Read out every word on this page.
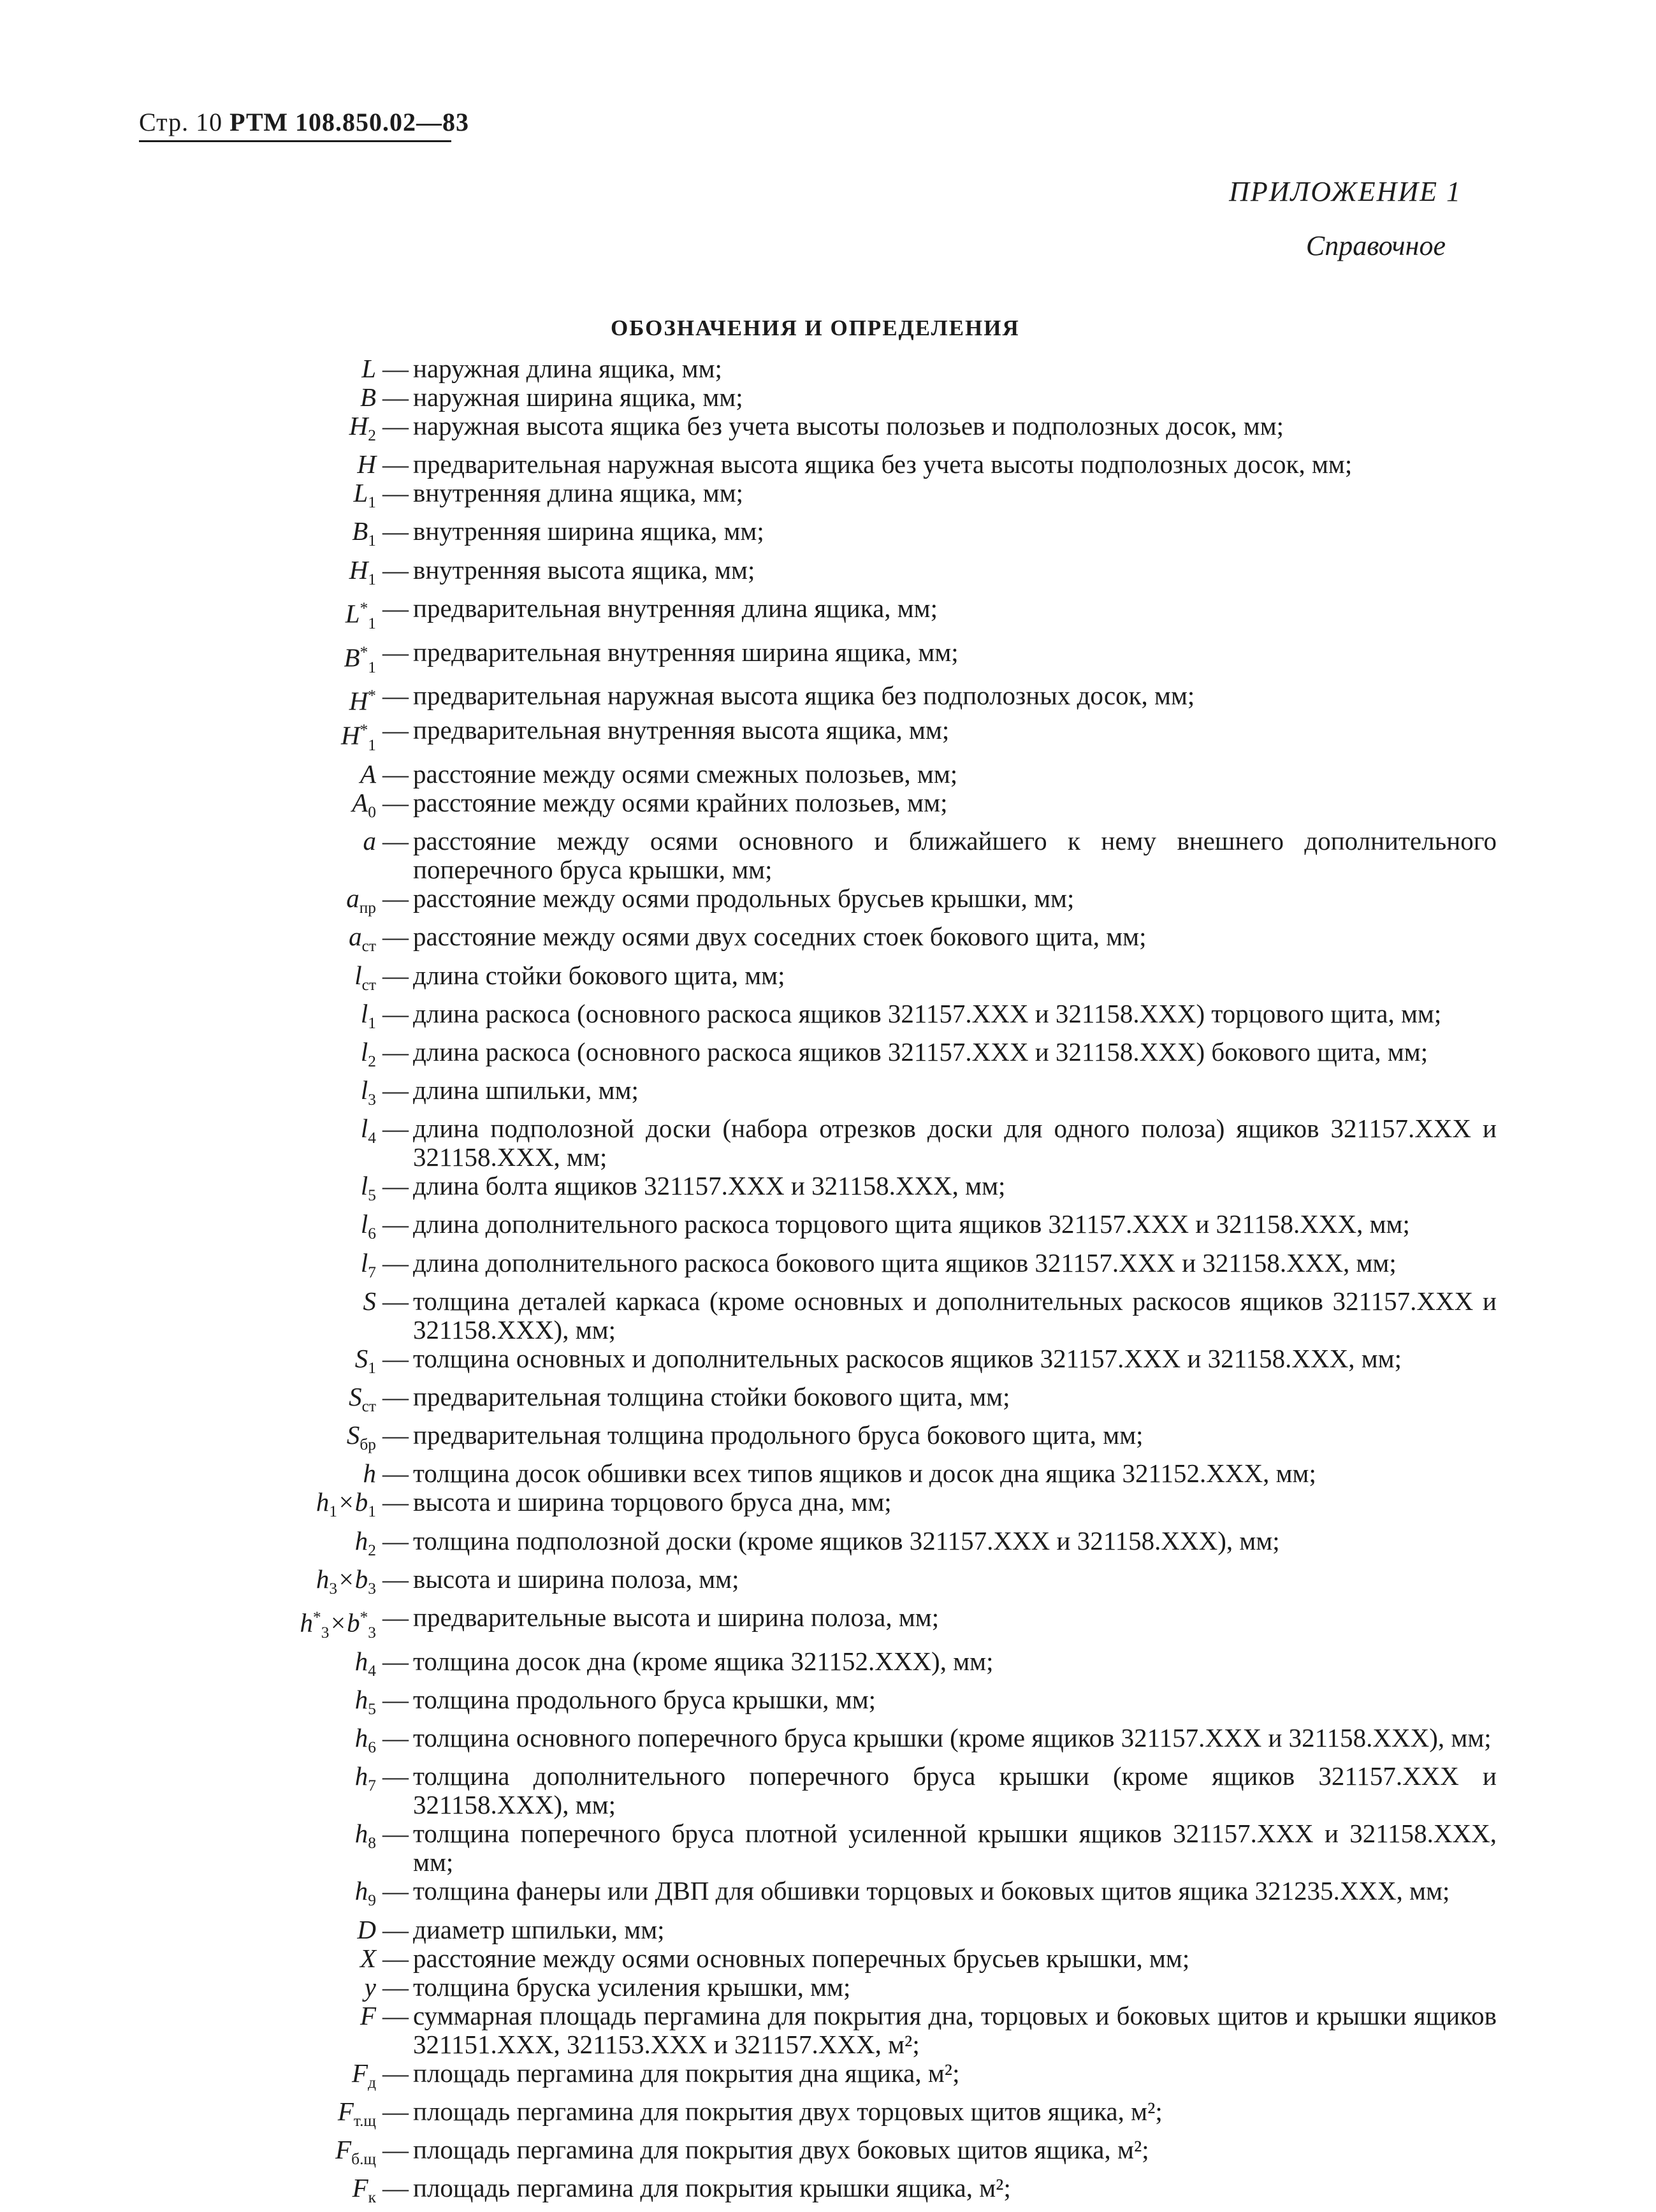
Стр. 10 РТМ 108.850.02—83
ПРИЛОЖЕНИЕ 1
Справочное
ОБОЗНАЧЕНИЯ И ОПРЕДЕЛЕНИЯ
L — наружная длина ящика, мм;
B — наружная ширина ящика, мм;
$H_2$ — наружная высота ящика без учета высоты полозьев и подполозных досок, мм;
H — предварительная наружная высота ящика без учета высоты подполозных досок, мм;
$L_1$ — внутренняя длина ящика, мм;
$B_1$ — внутренняя ширина ящика, мм;
$H_1$ — внутренняя высота ящика, мм;
$L^*_1$
— предварительная внутренняя длина ящика, мм;
$B^*_1$
— предварительная внутренняя ширина ящика, мм;
H* — предварительная наружная высота ящика без подполозных досок, мм;
$H^*_1$
— предварительная внутренняя высота ящика, мм;
A — расстояние между осями смежных полозьев, мм;
$A_0$ — расстояние между осями крайних полозьев, мм;
a — расстояние между осями основного и ближайшего к нему внешнего дополнительного поперечного бруса крышки, мм;
$a_{пр}$ — расстояние между осями продольных брусьев крышки, мм;
$a_{ст}$ — расстояние между осями двух соседних стоек бокового щита, мм;
$l_{ст}$ — длина стойки бокового щита, мм;
$l_1$ — длина раскоса (основного раскоса ящиков 321157.ХХХ и 321158.ХХХ) торцового щита, мм;
$l_2$ — длина раскоса (основного раскоса ящиков 321157.ХХХ и 321158.ХХХ) бокового щита, мм;
$l_3$ — длина шпильки, мм;
$l_4$ — длина подполозной доски (набора отрезков доски для одного полоза) ящиков 321157.ХХХ и 321158.ХХХ, мм;
$l_5$ — длина болта ящиков 321157.ХХХ и 321158.ХХХ, мм;
$l_6$ — длина дополнительного раскоса торцового щита ящиков 321157.ХХХ и 321158.ХХХ, мм;
$l_7$ — длина дополнительного раскоса бокового щита ящиков 321157.ХХХ и 321158.ХХХ, мм;
S — толщина деталей каркаса (кроме основных и дополнительных раскосов ящиков 321157.ХХХ и 321158.ХХХ), мм;
$S_1$ — толщина основных и дополнительных раскосов ящиков 321157.ХХХ и 321158.ХХХ, мм;
$S_{ст}$ — предварительная толщина стойки бокового щита, мм;
$S_{бр}$ — предварительная толщина продольного бруса бокового щита, мм;
h — толщина досок обшивки всех типов ящиков и досок дна ящика 321152.ХХХ, мм;
$h_1\times b_1$ — высота и ширина торцового бруса дна, мм;
$h_2$ — толщина подполозной доски (кроме ящиков 321157.ХХХ и 321158.ХХХ), мм;
$h_3\times b_3$ — высота и ширина полоза, мм;
$h^*_3\times b^*_3$
— предварительные высота и ширина полоза, мм;
$h_4$ — толщина досок дна (кроме ящика 321152.ХХХ), мм;
$h_5$ — толщина продольного бруса крышки, мм;
$h_6$ — толщина основного поперечного бруса крышки (кроме ящиков 321157.ХХХ и 321158.ХХХ), мм;
$h_7$ — толщина дополнительного поперечного бруса крышки (кроме ящиков 321157.ХХХ и 321158.ХХХ), мм;
$h_8$ — толщина поперечного бруса плотной усиленной крышки ящиков 321157.ХХХ и 321158.ХХХ, мм;
$h_9$ — толщина фанеры или ДВП для обшивки торцовых и боковых щитов ящика 321235.ХХХ, мм;
D — диаметр шпильки, мм;
X — расстояние между осями основных поперечных брусьев крышки, мм;
y — толщина бруска усиления крышки, мм;
F — суммарная площадь пергамина для покрытия дна, торцовых и боковых щитов и крышки ящиков 321151.ХХХ, 321153.ХХХ и 321157.ХХХ, м²;
$F_д$ — площадь пергамина для покрытия дна ящика, м²;
$F_{т.щ}$ — площадь пергамина для покрытия двух торцовых щитов ящика, м²;
$F_{б.щ}$ — площадь пергамина для покрытия двух боковых щитов ящика, м²;
$F_к$ — площадь пергамина для покрытия крышки ящика, м²;
